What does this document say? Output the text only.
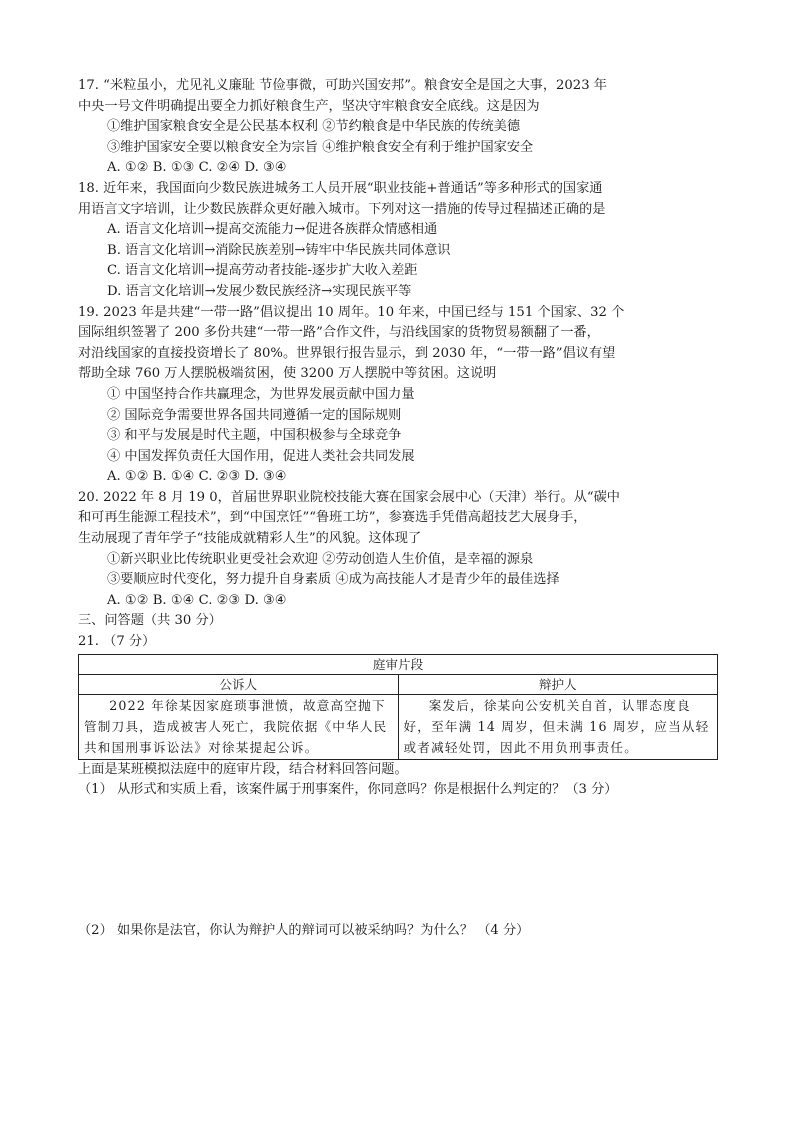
17. “米粒虽小，尤见礼义廉耻 节俭事微，可助兴国安邦”。粮食安全是国之大事，2023 年
中央一号文件明确提出要全力抓好粮食生产，坚决守牢粮食安全底线。这是因为
①维护国家粮食安全是公民基本权利 ②节约粮食是中华民族的传统美德
③维护国家安全要以粮食安全为宗旨 ④维护粮食安全有利于维护国家安全
A. ①② B. ①③ C. ②④ D. ③④
18. 近年来，我国面向少数民族进城务工人员开展“职业技能+普通话”等多种形式的国家通
用语言文字培训，让少数民族群众更好融入城市。下列对这一措施的传导过程描述正确的是
A. 语言文化培训→提高交流能力→促进各族群众情感相通
B. 语言文化培训→消除民族差别→铸牢中华民族共同体意识
C. 语言文化培训→提高劳动者技能-逐步扩大收入差距
D. 语言文化培训→发展少数民族经济→实现民族平等
19. 2023 年是共建“一带一路”倡议提出 10 周年。10 年来，中国已经与 151 个国家、32 个
国际组织签署了 200 多份共建“一带一路”合作文件，与沿线国家的货物贸易额翻了一番，
对沿线国家的直接投资增长了 80%。世界银行报告显示，到 2030 年，“一带一路”倡议有望
帮助全球 760 万人摆脱极端贫困，使 3200 万人摆脱中等贫困。这说明
① 中国坚持合作共赢理念，为世界发展贡献中国力量
② 国际竞争需要世界各国共同遵循一定的国际规则
③ 和平与发展是时代主题，中国积极参与全球竞争
④ 中国发挥负责任大国作用，促进人类社会共同发展
A. ①② B. ①④ C. ②③ D. ③④
20. 2022 年 8 月 19 0，首届世界职业院校技能大赛在国家会展中心（天津）举行。从“碳中
和可再生能源工程技术”，到“中国烹饪”“鲁班工坊”，参赛选手凭借高超技艺大展身手，
生动展现了青年学子“技能成就精彩人生”的风貌。这体现了
①新兴职业比传统职业更受社会欢迎 ②劳动创造人生价值，是幸福的源泉
③要顺应时代变化，努力提升自身素质 ④成为高技能人才是青少年的最佳选择
A. ①② B. ①④ C. ②③ D. ③④
三、问答题（共 30 分）
21. （7 分）
庭审片段	
公诉人	辩护人
2022 年徐某因家庭琐事泄愤，故意高空抛下管制刀具，造成被害人死亡，我院依据《中华人民共和国刑事诉讼法》对徐某提起公诉。	案发后，徐某向公安机关自首，认罪态度良好，至年满 14 周岁，但未满 16 周岁，应当从轻或者减轻处罚，因此不用负刑事责任。
上面是某班模拟法庭中的庭审片段，结合材料回答问题。
（1） 从形式和实质上看，该案件属于刑事案件，你同意吗？你是根据什么判定的？（3 分）
（2） 如果你是法官，你认为辩护人的辩词可以被采纳吗？为什么？ （4 分）
